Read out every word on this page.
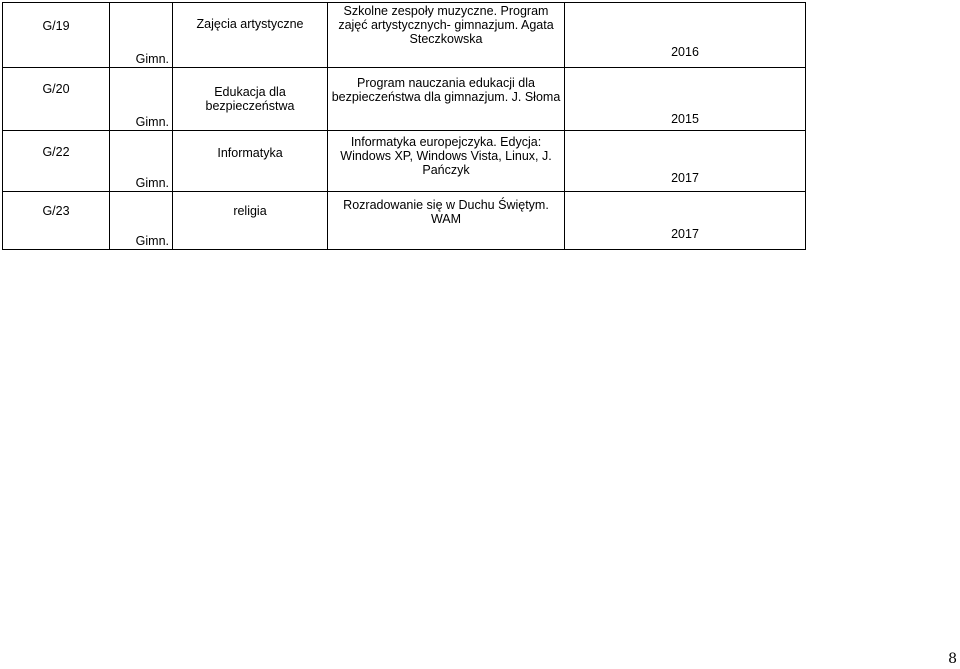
G/19	Gimn.	Zajęcia artystyczne	Szkolne zespoły muzyczne. Program zajęć artystycznych- gimnazjum. Agata Steczkowska	2016
G/20	Gimn.	Edukacja dla bezpieczeństwa	Program nauczania edukacji dla bezpieczeństwa dla gimnazjum. J. Słoma	2015
G/22	Gimn.	Informatyka	Informatyka europejczyka. Edycja: Windows XP, Windows Vista, Linux, J. Pańczyk	2017
G/23	Gimn.	religia	Rozradowanie się w Duchu Świętym. WAM	2017
8
